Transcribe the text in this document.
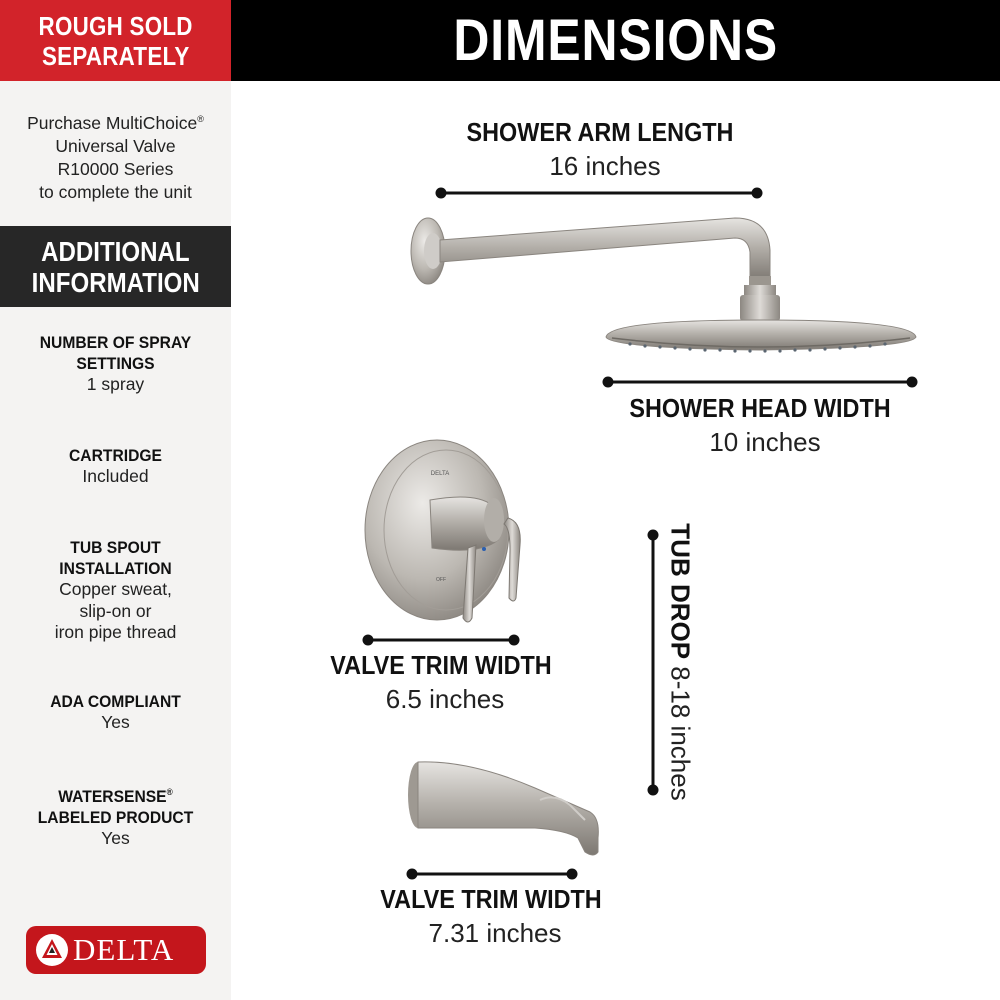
ROUGH SOLD
SEPARATELY
Purchase MultiChoice®
Universal Valve
R10000 Series
to complete the unit
ADDITIONAL
INFORMATION
NUMBER OF SPRAY
SETTINGS
1 spray
CARTRIDGE
Included
TUB SPOUT
INSTALLATION
Copper sweat,
slip-on or
iron pipe thread
ADA COMPLIANT
Yes
WATERSENSE®
LABELED PRODUCT
Yes
DELTA
DIMENSIONS
DELTA
OFF
SHOWER ARM LENGTH
16 inches
SHOWER HEAD WIDTH
10 inches
VALVE TRIM WIDTH
6.5 inches
TUB DROP 8-18 inches
VALVE TRIM WIDTH
7.31 inches
